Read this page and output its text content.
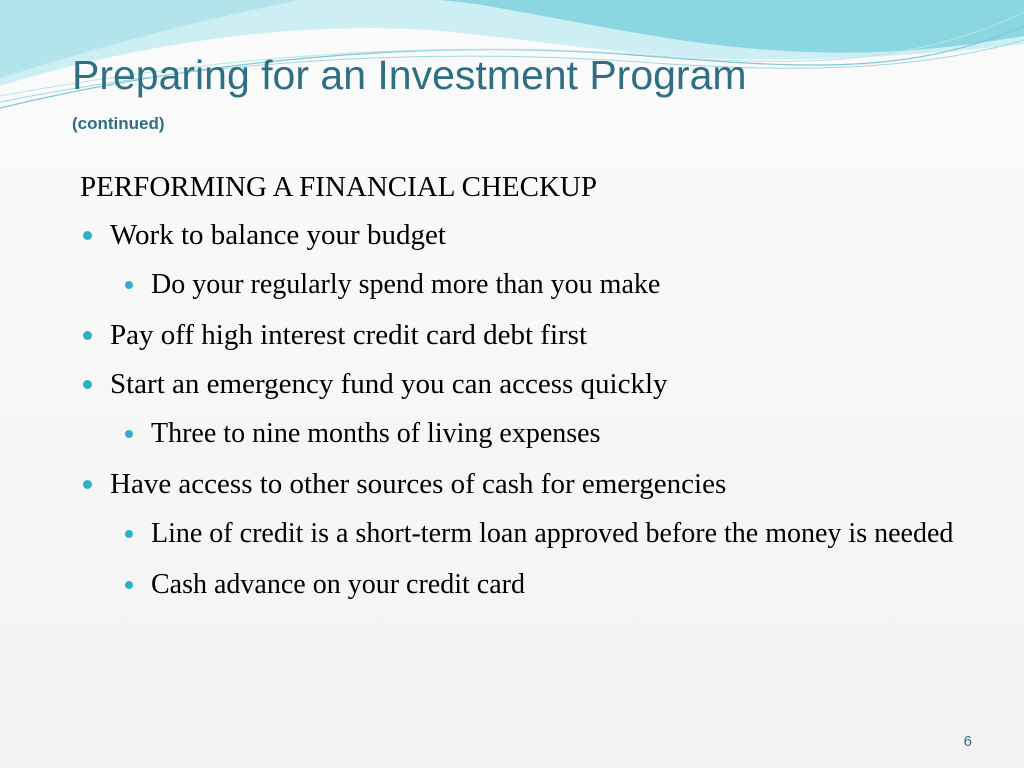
Preparing for an Investment Program
(continued)
PERFORMING A FINANCIAL CHECKUP
Work to balance your budget
Do your regularly spend more than you make
Pay off high interest credit card debt first
Start an emergency fund you can access quickly
Three to nine months of living expenses
Have access to other sources of cash for emergencies
Line of credit is a short-term loan approved before the money is needed
Cash advance on your credit card
6
